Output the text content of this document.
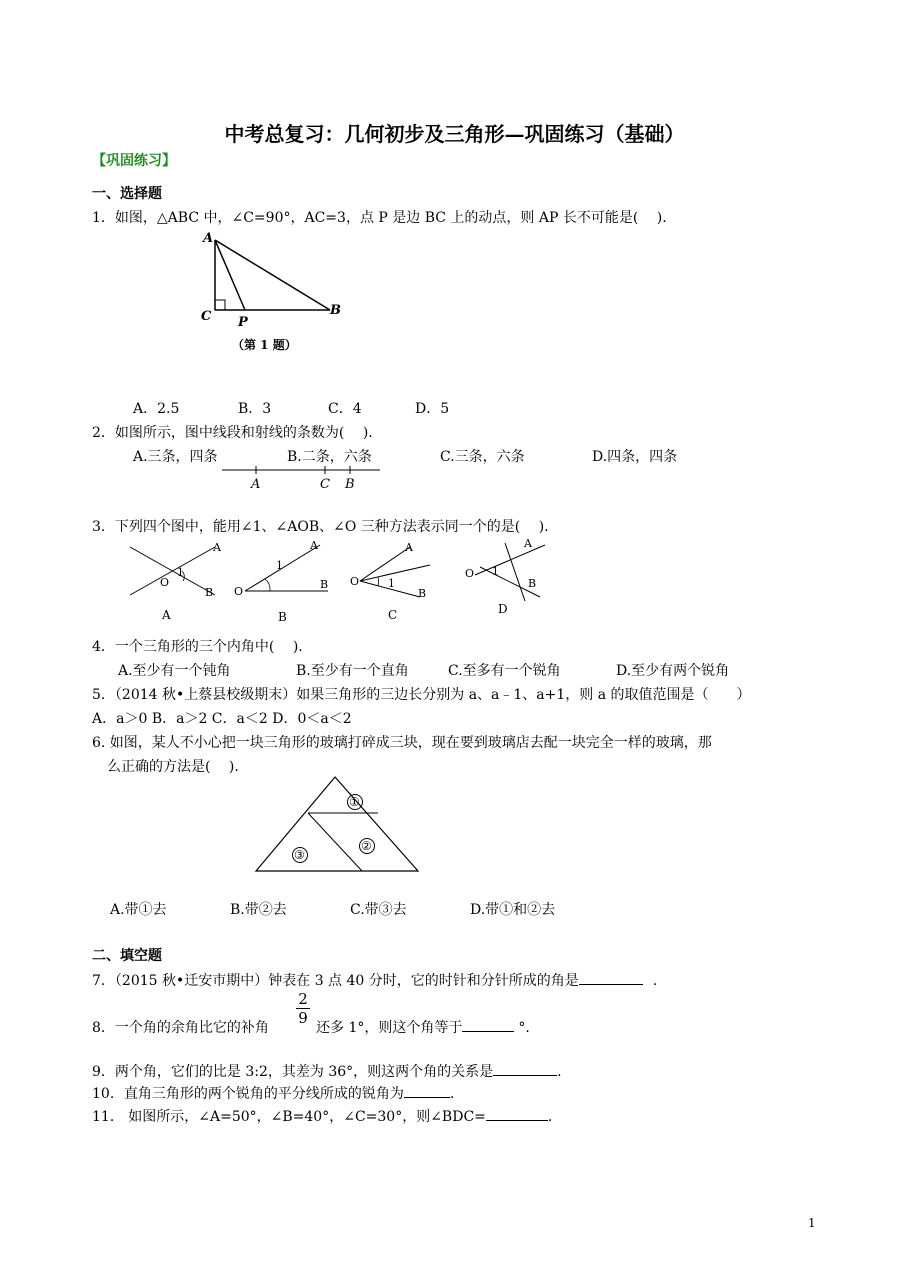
中考总复习：几何初步及三角形—巩固练习（基础）
【巩固练习】
一、选择题
1．如图，△ABC 中，∠C=90°，AC=3，点 P 是边 BC 上的动点，则 AP 长不可能是(　 ).
A
C P
B
（第 1 题）
A．2.5	B．3	C．4	D．5
2．如图所示，图中线段和射线的条数为(　 ).
A.三条，四条	B.二条，六条	C.三条，六条	D.四条，四条
A	C B
3．下列四个图中，能用∠1、∠AOB、∠O 三种方法表示同一个的是(　 ).
A
B
O
1
A
A
B
O
1
B
A
B
O	1
C
A
B
O 1
D
4．一个三角形的三个内角中(　 ).
A.至少有一个钝角	B.至少有一个直角	C.至多有一个锐角	D.至少有两个锐角
5．（2014 秋•上蔡县校级期末）如果三角形的三边长分别为 a、a﹣1、a+1，则 a 的取值范围是（　　）
A．a＞0 B．a＞2 C．a＜2 D．0＜a＜2
6. 如图，某人不小心把一块三角形的玻璃打碎成三块，现在要到玻璃店去配一块完全一样的玻璃，那
么正确的方法是(　 ).
①
②
③
A.带①去	B.带②去	C.带③去	D.带①和②去
二、填空题
7．（2015 秋•迁安市期中）钟表在 3 点 40 分时，它的时针和分针所成的角是	.
8．一个角的余角比它的补角
$\frac{2}{9}$
还多 1°，则这个角等于	°．
9．两个角，它们的比是 3:2，其差为 36°，则这两个角的关系是	.
10．直角三角形的两个锐角的平分线所成的锐角为	.
11． 如图所示，∠A=50°，∠B=40°，∠C=30°，则∠BDC=	.
1
